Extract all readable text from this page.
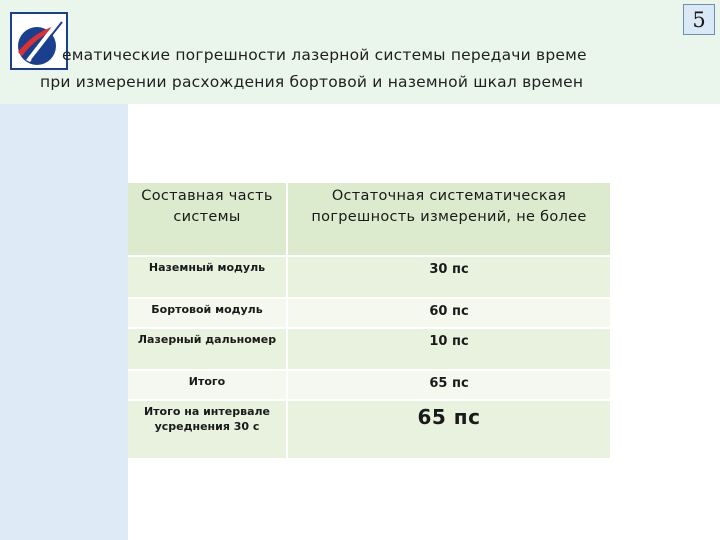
ематические погрешности лазерной системы передачи време
при измерении расхождения бортовой и наземной шкал времен
5
Составная часть системы	Остаточная систематическая погрешность измерений, не более
Наземный модуль	30 пс
Бортовой модуль	60 пс
Лазерный дальномер	10 пс
Итого	65 пс
Итого на интервале усреднения 30 с	65 пс
